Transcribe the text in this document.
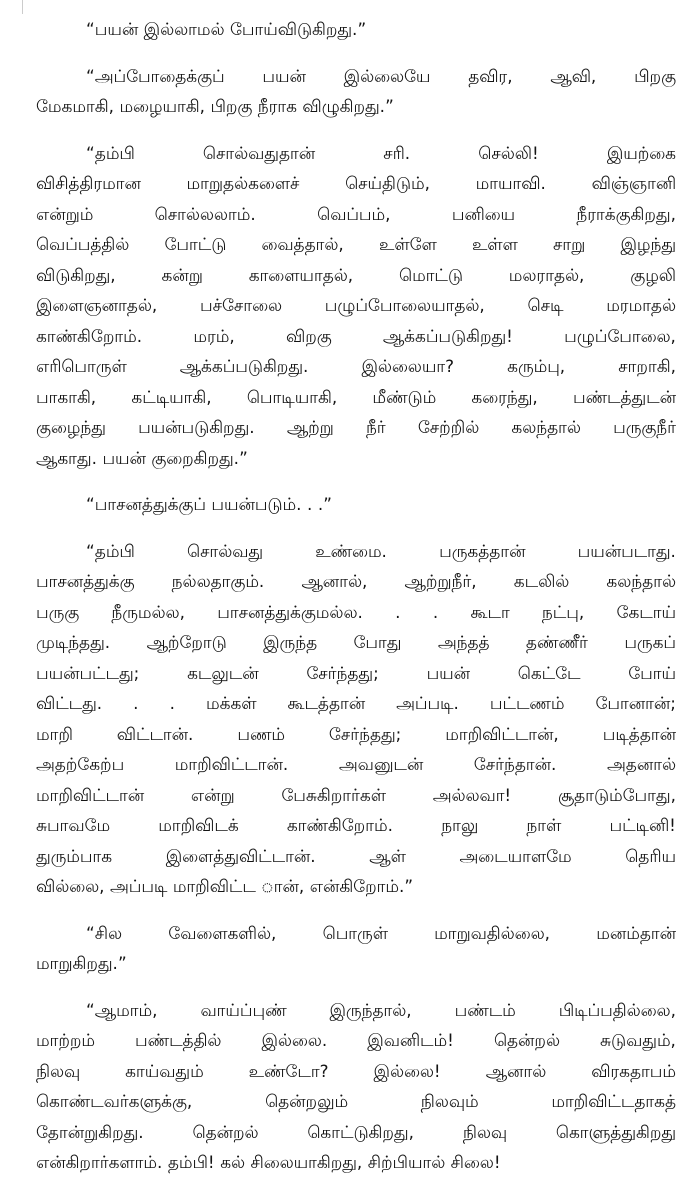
“பயன் இல்லாமல் போய்விடுகிறது.”
“அப்போதைக்குப் பயன் இல்லையே தவிர, ஆவி, பிறகு
மேகமாகி, மழையாகி, பிறகு நீராக விழுகிறது.”
“தம்பி சொல்வதுதான் சரி. செல்லி! இயற்கை
விசித்திரமான மாறுதல்களைச் செய்திடும், மாயாவி. விஞ்ஞானி
என்றும் சொல்லலாம். வெப்பம், பனியை நீராக்குகிறது,
வெப்பத்தில் போட்டு வைத்தால், உள்ளே உள்ள சாறு இழந்து
விடுகிறது, கன்று காளையாதல், மொட்டு மலராதல், குழலி
இளைஞனாதல், பச்சோலை பழுப்போலையாதல், செடி மரமாதல்
காண்கிறோம். மரம், விறகு ஆக்கப்படுகிறது! பழுப்போலை,
எரிபொருள் ஆக்கப்படுகிறது. இல்லையா? கரும்பு, சாறாகி,
பாகாகி, கட்டியாகி, பொடியாகி, மீண்டும் கரைந்து, பண்டத்துடன்
குழைந்து பயன்படுகிறது. ஆற்று நீர் சேற்றில் கலந்தால் பருகுநீர்
ஆகாது. பயன் குறைகிறது.”
“பாசனத்துக்குப் பயன்படும். . .”
“தம்பி சொல்வது உண்மை. பருகத்தான் பயன்படாது.
பாசனத்துக்கு நல்லதாகும். ஆனால், ஆற்றுநீர், கடலில் கலந்தால்
பருகு நீருமல்ல, பாசனத்துக்குமல்ல. . . கூடா நட்பு, கேடாய்
முடிந்தது. ஆற்றோடு இருந்த போது அந்தத் தண்ணீர் பருகப்
பயன்பட்டது; கடலுடன் சேர்ந்தது; பயன் கெட்டே போய்
விட்டது. . . மக்கள் கூடத்தான் அப்படி. பட்டணம் போனான்;
மாறி விட்டான். பணம் சேர்ந்தது; மாறிவிட்டான், படித்தான்
அதற்கேற்ப மாறிவிட்டான். அவனுடன் சேர்ந்தான். அதனால்
மாறிவிட்டான் என்று பேசுகிறார்கள் அல்லவா! சூதாடும்போது,
சுபாவமே மாறிவிடக் காண்கிறோம். நாலு நாள் பட்டினி!
துரும்பாக இளைத்துவிட்டான். ஆள் அடையாளமே தெரிய
வில்லை, அப்படி மாறிவிட்ட ான், என்கிறோம்.”
“சில வேளைகளில், பொருள் மாறுவதில்லை, மனம்தான்
மாறுகிறது.”
“ஆமாம், வாய்ப்புண் இருந்தால், பண்டம் பிடிப்பதில்லை,
மாற்றம் பண்டத்தில் இல்லை. இவனிடம்! தென்றல் சுடுவதும்,
நிலவு காய்வதும் உண்டோ? இல்லை! ஆனால் விரகதாபம்
கொண்டவர்களுக்கு, தென்றலும் நிலவும் மாறிவிட்டதாகத்
தோன்றுகிறது. தென்றல் கொட்டுகிறது, நிலவு கொளுத்துகிறது
என்கிறார்களாம். தம்பி! கல் சிலையாகிறது, சிற்பியால் சிலை!
